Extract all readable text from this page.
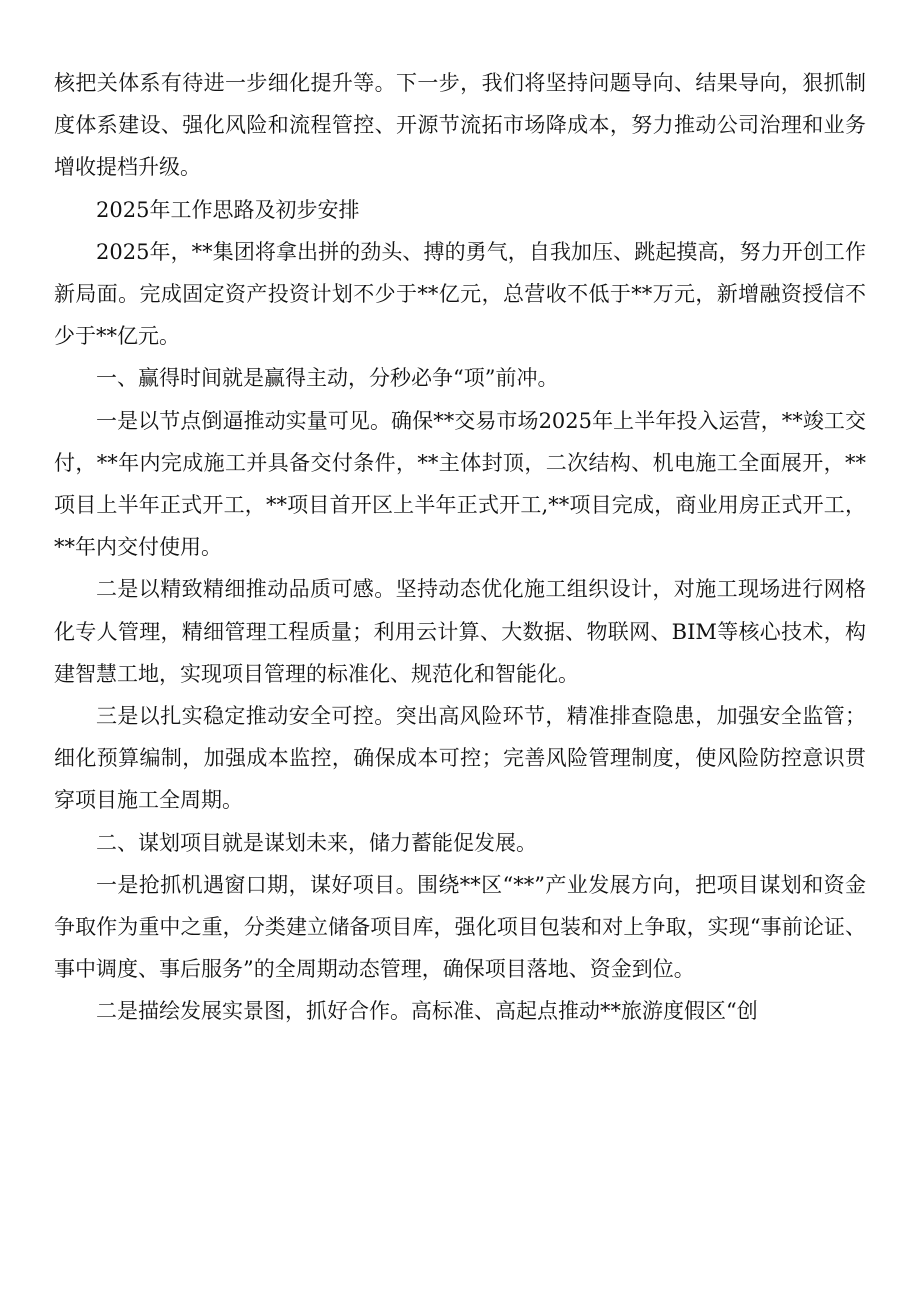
核把关体系有待进一步细化提升等。下一步，我们将坚持问题导向、结果导向，狠抓制度体系建设、强化风险和流程管控、开源节流拓市场降成本，努力推动公司治理和业务增收提档升级。

2025年工作思路及初步安排

2025年，**集团将拿出拼的劲头、搏的勇气，自我加压、跳起摸高，努力开创工作新局面。完成固定资产投资计划不少于**亿元，总营收不低于**万元，新增融资授信不少于**亿元。

一、赢得时间就是赢得主动，分秒必争“项”前冲。

一是以节点倒逼推动实量可见。确保**交易市场2025年上半年投入运营，**竣工交付，**年内完成施工并具备交付条件，**主体封顶，二次结构、机电施工全面展开，**项目上半年正式开工，**项目首开区上半年正式开工,**项目完成，商业用房正式开工，**年内交付使用。

二是以精致精细推动品质可感。坚持动态优化施工组织设计，对施工现场进行网格化专人管理，精细管理工程质量；利用云计算、大数据、物联网、BIM等核心技术，构建智慧工地，实现项目管理的标准化、规范化和智能化。

三是以扎实稳定推动安全可控。突出高风险环节，精准排查隐患，加强安全监管；细化预算编制，加强成本监控，确保成本可控；完善风险管理制度，使风险防控意识贯穿项目施工全周期。

二、谋划项目就是谋划未来，储力蓄能促发展。

一是抢抓机遇窗口期，谋好项目。围绕**区“**”产业发展方向，把项目谋划和资金争取作为重中之重，分类建立储备项目库，强化项目包装和对上争取，实现“事前论证、事中调度、事后服务”的全周期动态管理，确保项目落地、资金到位。

二是描绘发展实景图，抓好合作。高标准、高起点推动**旅游度假区“创
